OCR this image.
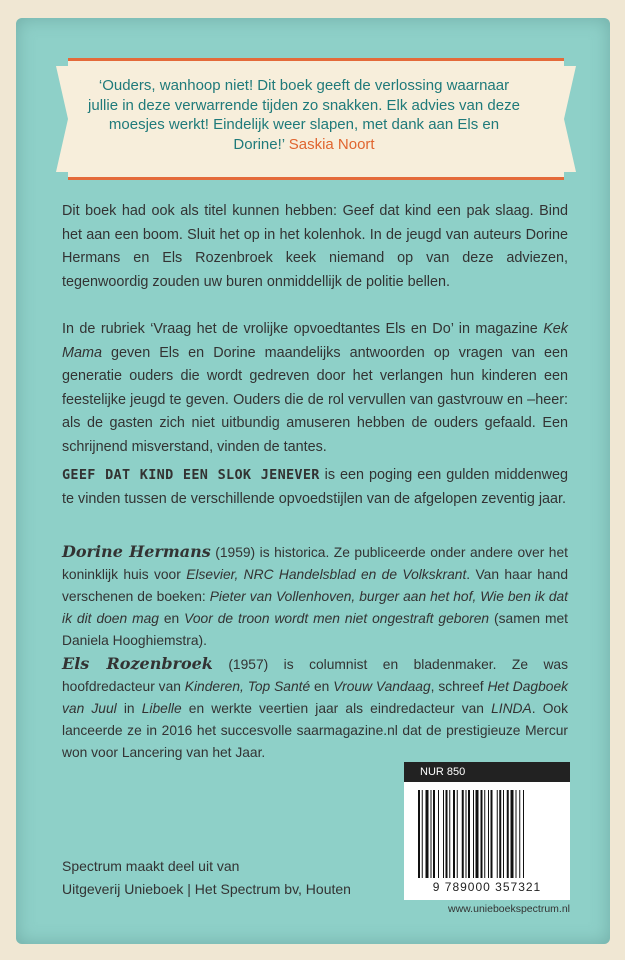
‘Ouders, wanhoop niet! Dit boek geeft de verlossing waarnaar jullie in deze verwarrende tijden zo snakken. Elk advies van deze moesjes werkt! Eindelijk weer slapen, met dank aan Els en Dorine!’ Saskia Noort

Dit boek had ook als titel kunnen hebben: Geef dat kind een pak slaag. Bind het aan een boom. Sluit het op in het kolenhok. In de jeugd van auteurs Dorine Hermans en Els Rozenbroek keek niemand op van deze adviezen, tegenwoordig zouden uw buren onmiddellijk de politie bellen.

In de rubriek ‘Vraag het de vrolijke opvoedtantes Els en Do’ in magazine Kek Mama geven Els en Dorine maandelijks antwoorden op vragen van een generatie ouders die wordt gedreven door het verlangen hun kinderen een feestelijke jeugd te geven. Ouders die de rol vervullen van gastvrouw en –heer: als de gasten zich niet uitbundig amuseren hebben de ouders gefaald. Een schrijnend misverstand, vinden de tantes.

GEEF DAT KIND EEN SLOK JENEVER is een poging een gulden middenweg te vinden tussen de verschillende opvoedstijlen van de afgelopen zeventig jaar.

Dorine Hermans (1959) is historica. Ze publiceerde onder andere over het koninklijk huis voor Elsevier, NRC Handelsblad en de Volkskrant. Van haar hand verschenen de boeken: Pieter van Vollenhoven, burger aan het hof, Wie ben ik dat ik dit doen mag en Voor de troon wordt men niet ongestraft geboren (samen met Daniela Hooghiemstra).

Els Rozenbroek (1957) is columnist en bladenmaker. Ze was hoofdredacteur van Kinderen, Top Santé en Vrouw Vandaag, schreef Het Dagboek van Juul in Libelle en werkte veertien jaar als eindredacteur van LINDA. Ook lanceerde ze in 2016 het succesvolle saarmagazine.nl dat de prestigieuze Mercur won voor Lancering van het Jaar.

NUR 850
9 789000 357321
Spectrum maakt deel uit van
Uitgeverij Unieboek | Het Spectrum bv, Houten
www.unieboekspectrum.nl
